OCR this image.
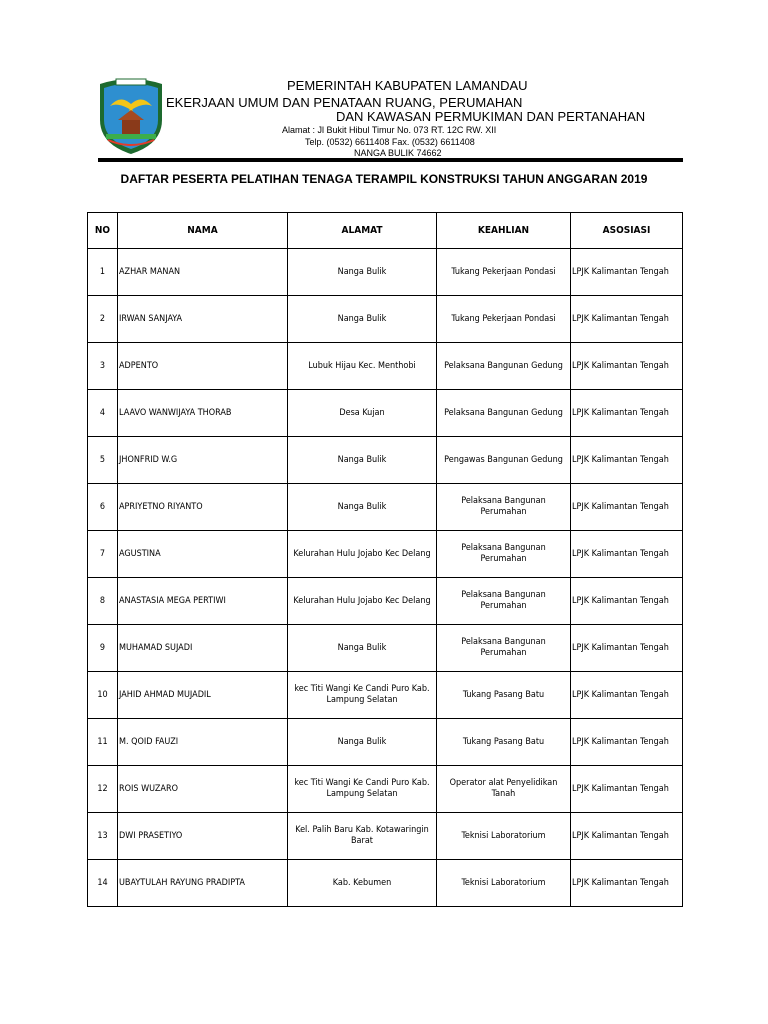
PEMERINTAH KABUPATEN LAMANDAU
EKERJAAN UMUM DAN PENATAAN RUANG, PERUMAHAN
DAN KAWASAN PERMUKIMAN DAN PERTANAHAN
Alamat : Jl Bukit Hibul Timur No. 073 RT. 12C RW. XII
Telp. (0532) 6611408 Fax. (0532) 6611408
NANGA BULIK 74662
DAFTAR PESERTA PELATIHAN TENAGA TERAMPIL KONSTRUKSI TAHUN ANGGARAN 2019
NO	NAMA	ALAMAT	KEAHLIAN	ASOSIASI
1	AZHAR MANAN	Nanga Bulik	Tukang Pekerjaan Pondasi	LPJK Kalimantan Tengah
2	IRWAN SANJAYA	Nanga Bulik	Tukang Pekerjaan Pondasi	LPJK Kalimantan Tengah
3	ADPENTO	Lubuk Hijau Kec. Menthobi	Pelaksana Bangunan Gedung	LPJK Kalimantan Tengah
4	LAAVO WANWIJAYA THORAB	Desa Kujan	Pelaksana Bangunan Gedung	LPJK Kalimantan Tengah
5	JHONFRID W.G	Nanga Bulik	Pengawas Bangunan Gedung	LPJK Kalimantan Tengah
6	APRIYETNO RIYANTO	Nanga Bulik	Pelaksana Bangunan Perumahan	LPJK Kalimantan Tengah
7	AGUSTINA	Kelurahan Hulu Jojabo Kec Delang	Pelaksana Bangunan Perumahan	LPJK Kalimantan Tengah
8	ANASTASIA MEGA PERTIWI	Kelurahan Hulu Jojabo Kec Delang	Pelaksana Bangunan Perumahan	LPJK Kalimantan Tengah
9	MUHAMAD SUJADI	Nanga Bulik	Pelaksana Bangunan Perumahan	LPJK Kalimantan Tengah
10	JAHID AHMAD MUJADIL	kec Titi Wangi Ke Candi Puro Kab. Lampung Selatan	Tukang Pasang Batu	LPJK Kalimantan Tengah
11	M. QOID FAUZI	Nanga Bulik	Tukang Pasang Batu	LPJK Kalimantan Tengah
12	ROIS WUZARO	kec Titi Wangi Ke Candi Puro Kab. Lampung Selatan	Operator alat Penyelidikan Tanah	LPJK Kalimantan Tengah
13	DWI PRASETIYO	Kel. Palih Baru Kab. Kotawaringin Barat	Teknisi Laboratorium	LPJK Kalimantan Tengah
14	UBAYTULAH RAYUNG PRADIPTA	Kab. Kebumen	Teknisi Laboratorium	LPJK Kalimantan Tengah
